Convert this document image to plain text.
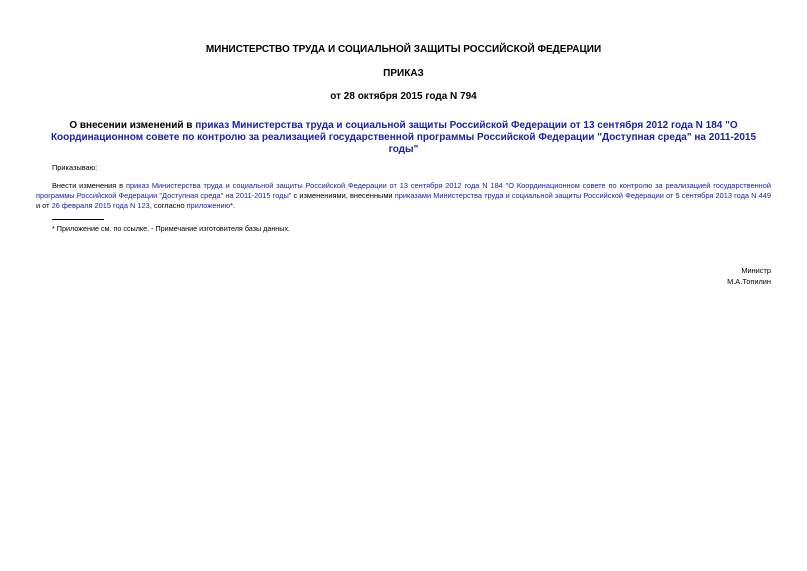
МИНИСТЕРСТВО ТРУДА И СОЦИАЛЬНОЙ ЗАЩИТЫ РОССИЙСКОЙ ФЕДЕРАЦИИ
ПРИКАЗ
от 28 октября 2015 года N 794
О внесении изменений в приказ Министерства труда и социальной защиты Российской Федерации от 13 сентября 2012 года N 184 "О Координационном совете по контролю за реализацией государственной программы Российской Федерации "Доступная среда" на 2011-2015 годы"
Приказываю:
Внести изменения в приказ Министерства труда и социальной защиты Российской Федерации от 13 сентября 2012 года N 184 "О Координационном совете по контролю за реализацией государственной программы Российской Федерации "Доступная среда" на 2011-2015 годы" с изменениями, внесенными приказами Министерства труда и социальной защиты Российской Федерации от 5 сентября 2013 года N 449 и от 26 февраля 2015 года N 123, согласно приложению*.
* Приложение см. по ссылке. - Примечание изготовителя базы данных.
Министр
М.А.Топилин
